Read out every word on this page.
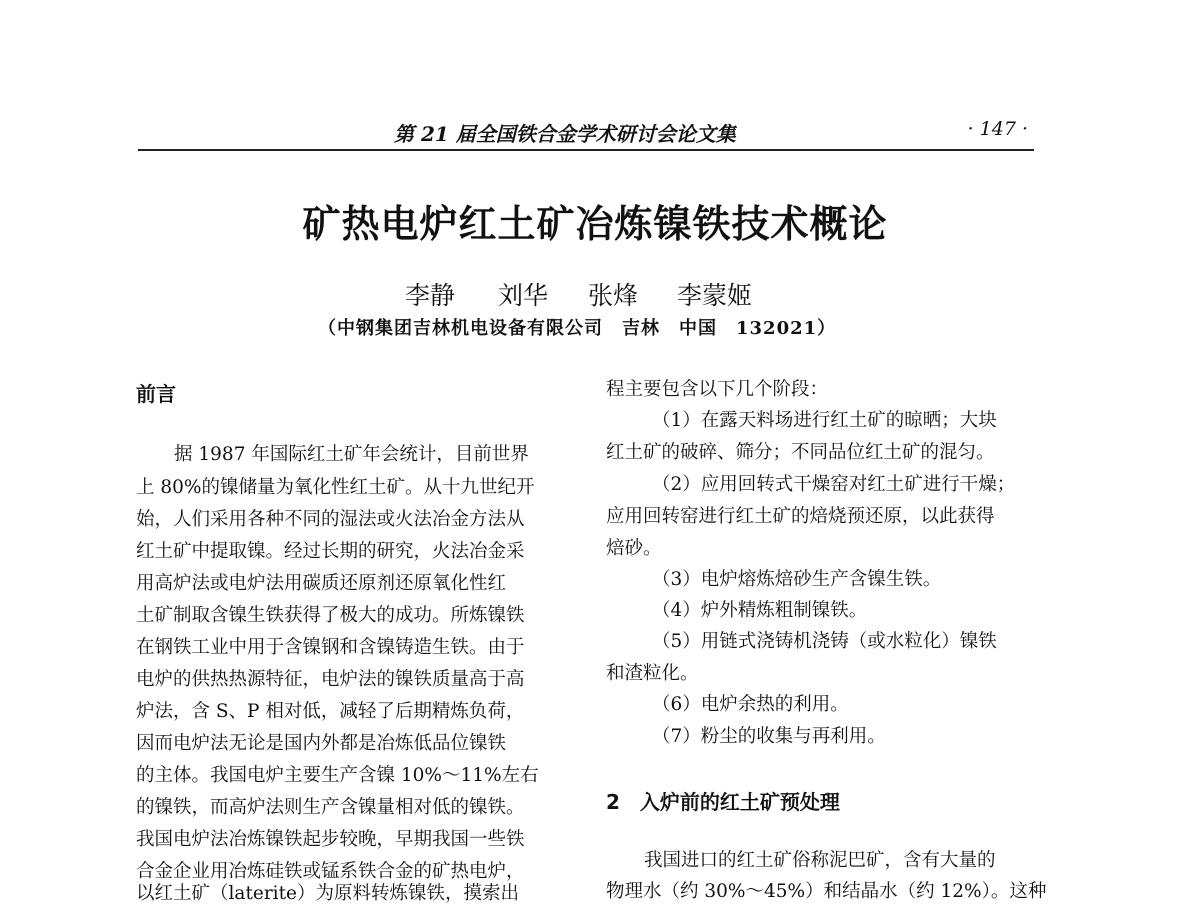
第 21 届全国铁合金学术研讨会论文集	· 147 ·
矿热电炉红土矿冶炼镍铁技术概论
李静 刘华 张烽 李蒙姬
（中钢集团吉林机电设备有限公司　吉林　中国　132021）
前言
据 1987 年国际红土矿年会统计，目前世界
上 80%的镍储量为氧化性红土矿。从十九世纪开
始，人们采用各种不同的湿法或火法冶金方法从
红土矿中提取镍。经过长期的研究，火法冶金采
用高炉法或电炉法用碳质还原剂还原氧化性红
土矿制取含镍生铁获得了极大的成功。所炼镍铁
在钢铁工业中用于含镍钢和含镍铸造生铁。由于
电炉的供热热源特征，电炉法的镍铁质量高于高
炉法，含 S、P 相对低，减轻了后期精炼负荷，
因而电炉法无论是国内外都是冶炼低品位镍铁
的主体。我国电炉主要生产含镍 10%～11%左右
的镍铁，而高炉法则生产含镍量相对低的镍铁。
我国电炉法冶炼镍铁起步较晚，早期我国一些铁
合金企业用冶炼硅铁或锰系铁合金的矿热电炉，
以红土矿（laterite）为原料转炼镍铁，摸索出
程主要包含以下几个阶段：
（1）在露天料场进行红土矿的晾晒；大块
红土矿的破碎、筛分；不同品位红土矿的混匀。
（2）应用回转式干燥窑对红土矿进行干燥；
应用回转窑进行红土矿的焙烧预还原，以此获得
焙砂。
（3）电炉熔炼焙砂生产含镍生铁。
（4）炉外精炼粗制镍铁。
（5）用链式浇铸机浇铸（或水粒化）镍铁
和渣粒化。
（6）电炉余热的利用。
（7）粉尘的收集与再利用。
2　入炉前的红土矿预处理
我国进口的红土矿俗称泥巴矿，含有大量的
物理水（约 30%～45%）和结晶水（约 12%）。这种
